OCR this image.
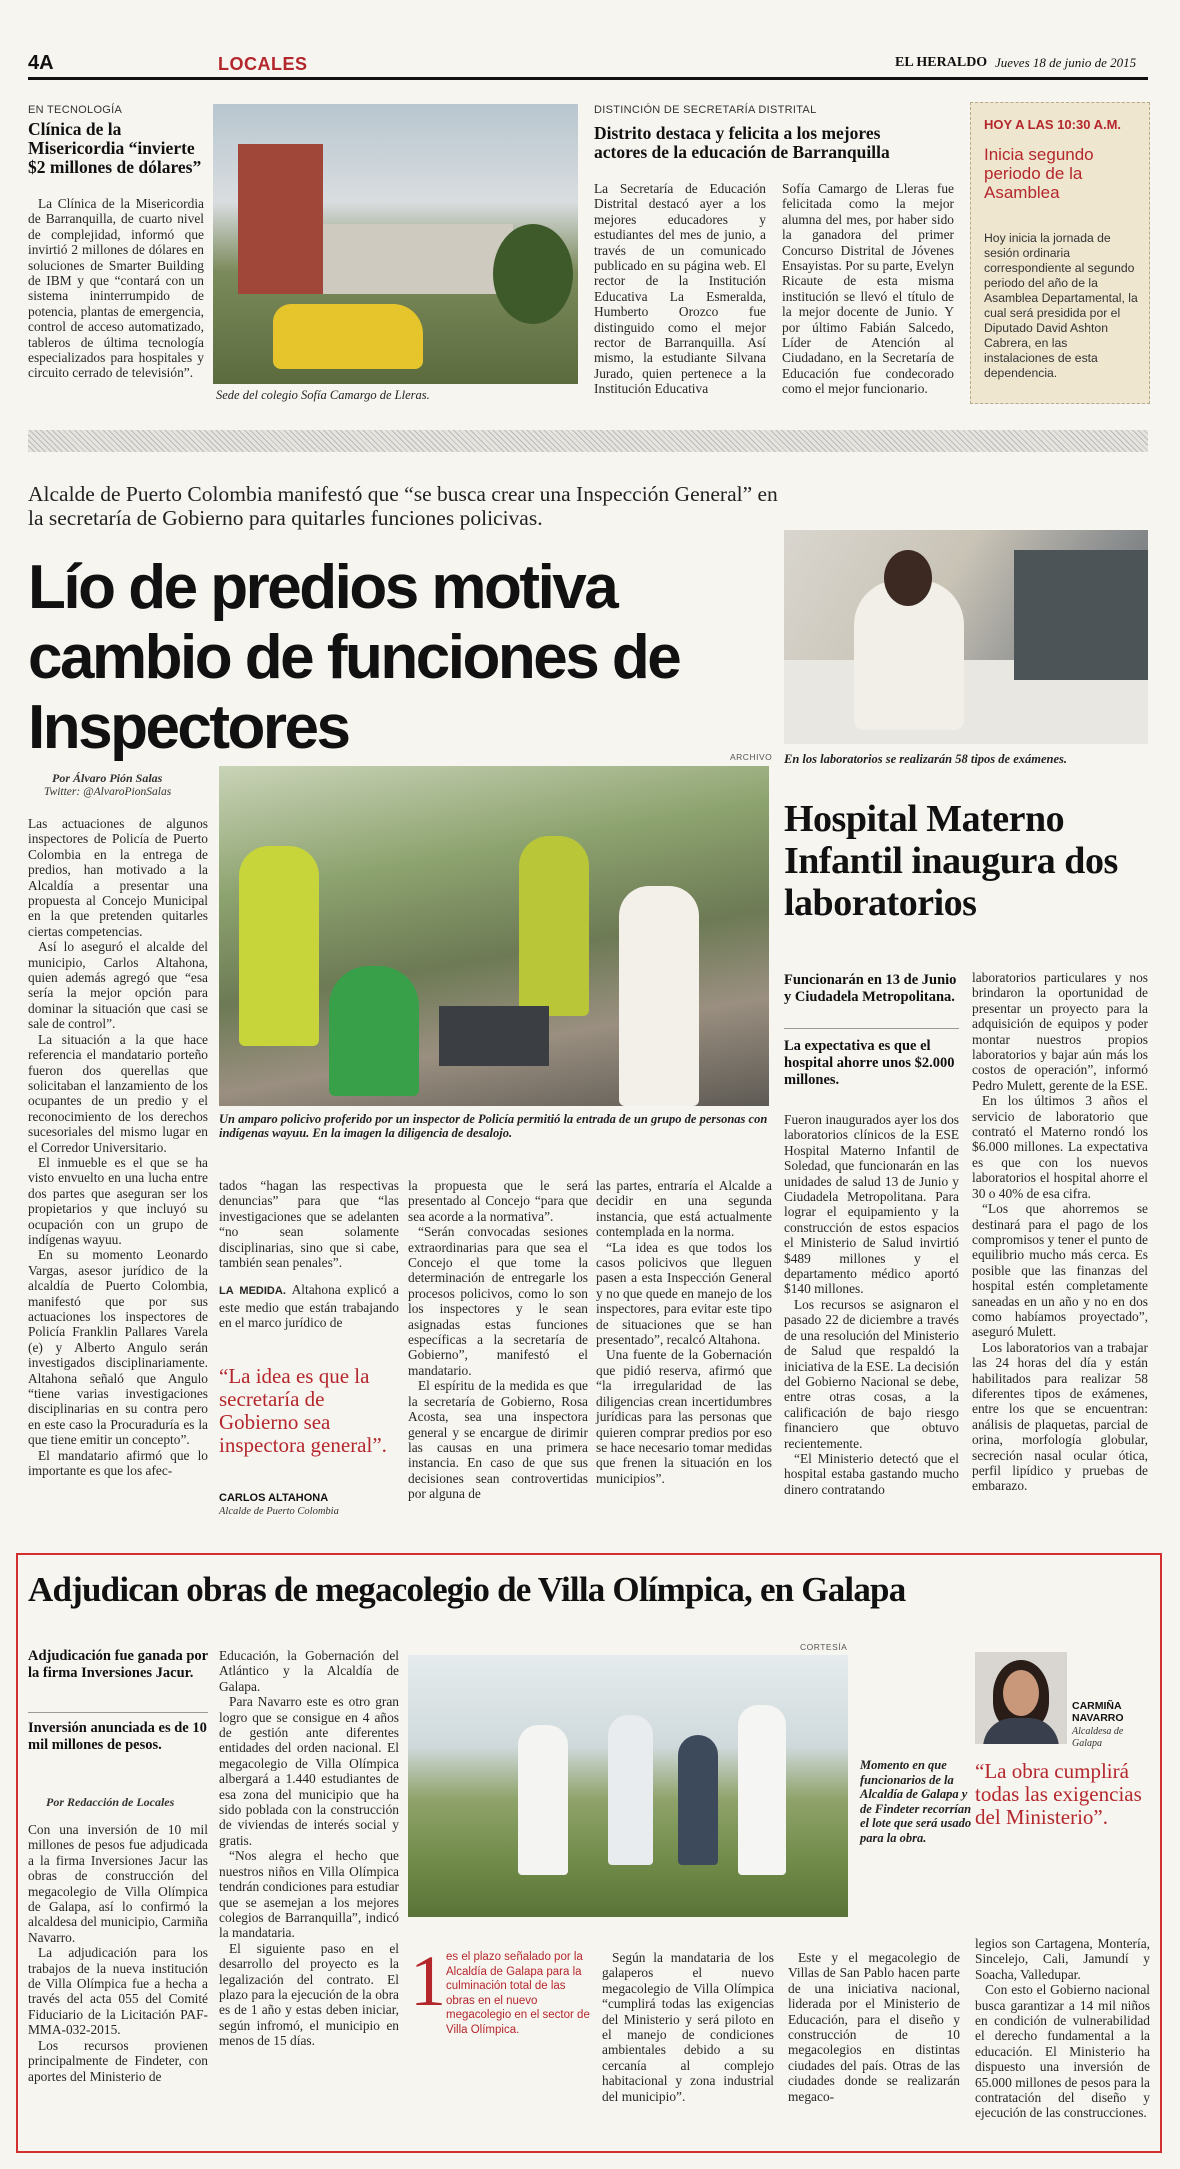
4A	LOCALES	EL HERALDO Jueves 18 de junio de 2015
EN TECNOLOGÍA
Clínica de la Misericordia “invierte $2 millones de dólares”

La Clínica de la Misericordia de Barranquilla, de cuarto nivel de complejidad, informó que invirtió 2 millones de dólares en soluciones de Smarter Building de IBM y que “contará con un sistema ininterrumpido de potencia, plantas de emergencia, control de acceso automatizado, tableros de última tecnología especializados para hospitales y circuito cerrado de televisión”.

Sede del colegio Sofía Camargo de Lleras.
DISTINCIÓN DE SECRETARÍA DISTRITAL
Distrito destaca y felicita a los mejores actores de la educación de Barranquilla

La Secretaría de Educación Distrital destacó ayer a los mejores educadores y estudiantes del mes de junio, a través de un comunicado publicado en su página web. El rector de la Institución Educativa La Esmeralda, Humberto Orozco fue distinguido como el mejor rector de Barranquilla. Así mismo, la estudiante Silvana Jurado, quien pertenece a la Institución Educativa

Sofía Camargo de Lleras fue felicitada como la mejor alumna del mes, por haber sido la ganadora del primer Concurso Distrital de Jóvenes Ensayistas. Por su parte, Evelyn Ricaute de esta misma institución se llevó el título de la mejor docente de Junio. Y por último Fabián Salcedo, Líder de Atención al Ciudadano, en la Secretaría de Educación fue condecorado como el mejor funcionario.

HOY A LAS 10:30 A.M.
Inicia segundo periodo de la Asamblea
Hoy inicia la jornada de sesión ordinaria correspondiente al segundo periodo del año de la Asamblea Departamental, la cual será presidida por el Diputado David Ashton Cabrera, en las instalaciones de esta dependencia.
Alcalde de Puerto Colombia manifestó que “se busca crear una Inspección General” en la secretaría de Gobierno para quitarles funciones policivas.
Lío de predios motiva cambio de funciones de Inspectores	En los laboratorios se realizarán 58 tipos de exámenes.
Por Álvaro Pión Salas
Twitter: @AlvaroPionSalas

Las actuaciones de algunos inspectores de Policía de Puerto Colombia en la entrega de predios, han motivado a la Alcaldía a presentar una propuesta al Concejo Municipal en la que pretenden quitarles ciertas competencias.

Así lo aseguró el alcalde del municipio, Carlos Altahona, quien además agregó que “esa sería la mejor opción para dominar la situación que casi se sale de control”.

La situación a la que hace referencia el mandatario porteño fueron dos querellas que solicitaban el lanzamiento de los ocupantes de un predio y el reconocimiento de los derechos sucesoriales del mismo lugar en el Corredor Universitario.

El inmueble es el que se ha visto envuelto en una lucha entre dos partes que aseguran ser los propietarios y que incluyó su ocupación con un grupo de indígenas wayuu.

En su momento Leonardo Vargas, asesor jurídico de la alcaldía de Puerto Colombia, manifestó que por sus actuaciones los inspectores de Policía Franklin Pallares Varela (e) y Alberto Angulo serán investigados disciplinariamente. Altahona señaló que Angulo “tiene varias investigaciones disciplinarias en su contra pero en este caso la Procuraduría es la que tiene emitir un concepto”.

El mandatario afirmó que lo importante es que los afec-

ARCHIVO
Un amparo policivo proferido por un inspector de Policía permitió la entrada de un grupo de personas con indígenas wayuu. En la imagen la diligencia de desalojo.

tados “hagan las respectivas denuncias” para que “las investigaciones que se adelanten “no sean solamente disciplinarias, sino que si cabe, también sean penales”.

LA MEDIDA. Altahona explicó a este medio que están trabajando en el marco jurídico de

“La idea es que la secretaría de Gobierno sea inspectora general”.
CARLOS ALTAHONA
Alcalde de Puerto Colombia

la propuesta que le será presentado al Concejo “para que sea acorde a la normativa”.

“Serán convocadas sesiones extraordinarias para que sea el Concejo el que tome la determinación de entregarle los procesos policivos, como lo son los inspectores y le sean asignadas estas funciones específicas a la secretaría de Gobierno”, manifestó el mandatario.

El espíritu de la medida es que la secretaría de Gobierno, Rosa Acosta, sea una inspectora general y se encargue de dirimir las causas en una primera instancia. En caso de que sus decisiones sean controvertidas por alguna de

las partes, entraría el Alcalde a decidir en una segunda instancia, que está actualmente contemplada en la norma.

“La idea es que todos los casos policivos que lleguen pasen a esta Inspección General y no que quede en manejo de los inspectores, para evitar este tipo de situaciones que se han presentado”, recalcó Altahona.

Una fuente de la Gobernación que pidió reserva, afirmó que “la irregularidad de las diligencias crean incertidumbres jurídicas para las personas que quieren comprar predios por eso se hace necesario tomar medidas que frenen la situación en los municipios”.

Hospital Materno Infantil inaugura dos laboratorios
Funcionarán en 13 de Junio y Ciudadela Metropolitana.
La expectativa es que el hospital ahorre unos $2.000 millones.

Fueron inaugurados ayer los dos laboratorios clínicos de la ESE Hospital Materno Infantil de Soledad, que funcionarán en las unidades de salud 13 de Junio y Ciudadela Metropolitana. Para lograr el equipamiento y la construcción de estos espacios el Ministerio de Salud invirtió $489 millones y el departamento médico aportó $140 millones.

Los recursos se asignaron el pasado 22 de diciembre a través de una resolución del Ministerio de Salud que respaldó la iniciativa de la ESE. La decisión del Gobierno Nacional se debe, entre otras cosas, a la calificación de bajo riesgo financiero que obtuvo recientemente.

“El Ministerio detectó que el hospital estaba gastando mucho dinero contratando

laboratorios particulares y nos brindaron la oportunidad de presentar un proyecto para la adquisición de equipos y poder montar nuestros propios laboratorios y bajar aún más los costos de operación”, informó Pedro Mulett, gerente de la ESE.

En los últimos 3 años el servicio de laboratorio que contrató el Materno rondó los $6.000 millones. La expectativa es que con los nuevos laboratorios el hospital ahorre el 30 o 40% de esa cifra.

“Los que ahorremos se destinará para el pago de los compromisos y tener el punto de equilibrio mucho más cerca. Es posible que las finanzas del hospital estén completamente saneadas en un año y no en dos como habíamos proyectado”, aseguró Mulett.

Los laboratorios van a trabajar las 24 horas del día y están habilitados para realizar 58 diferentes tipos de exámenes, entre los que se encuentran: análisis de plaquetas, parcial de orina, morfología globular, secreción nasal ocular ótica, perfil lipídico y pruebas de embarazo.

Adjudican obras de megacolegio de Villa Olímpica, en Galapa
Adjudicación fue ganada por la firma Inversiones Jacur.
Inversión anunciada es de 10 mil millones de pesos.
Por Redacción de Locales

Con una inversión de 10 mil millones de pesos fue adjudicada a la firma Inversiones Jacur las obras de construcción del megacolegio de Villa Olímpica de Galapa, así lo confirmó la alcaldesa del municipio, Carmiña Navarro.

La adjudicación para los trabajos de la nueva institución de Villa Olímpica fue a hecha a través del acta 055 del Comité Fiduciario de la Licitación PAF-MMA-032-2015.

Los recursos provienen principalmente de Findeter, con aportes del Ministerio de

Educación, la Gobernación del Atlántico y la Alcaldía de Galapa.

Para Navarro este es otro gran logro que se consigue en 4 años de gestión ante diferentes entidades del orden nacional. El megacolegio de Villa Olímpica albergará a 1.440 estudiantes de esa zona del municipio que ha sido poblada con la construcción de viviendas de interés social y gratis.

“Nos alegra el hecho que nuestros niños en Villa Olímpica tendrán condiciones para estudiar que se asemejan a los mejores colegios de Barranquilla”, indicó la mandataria.

El siguiente paso en el desarrollo del proyecto es la legalización del contrato. El plazo para la ejecución de la obra es de 1 año y estas deben iniciar, según infromó, el municipio en menos de 15 días.

CORTESÍA
Momento en que funcionarios de la Alcaldía de Galapa y de Findeter recorrían el lote que será usado para la obra.
CARMIÑA NAVARRO
Alcaldesa de Galapa
“La obra cumplirá todas las exigencias del Ministerio”.
1 es el plazo señalado por la Alcaldía de Galapa para la culminación total de las obras en el nuevo megacolegio en el sector de Villa Olímpica.

Según la mandataria de los galaperos el nuevo megacolegio de Villa Olímpica “cumplirá todas las exigencias del Ministerio y será piloto en el manejo de condiciones ambientales debido a su cercanía al complejo habitacional y zona industrial del municipio”.

Este y el megacolegio de Villas de San Pablo hacen parte de una iniciativa nacional, liderada por el Ministerio de Educación, para el diseño y construcción de 10 megacolegios en distintas ciudades del país. Otras de las ciudades donde se realizarán megaco-

legios son Cartagena, Montería, Sincelejo, Cali, Jamundí y Soacha, Valledupar.

Con esto el Gobierno nacional busca garantizar a 14 mil niños en condición de vulnerabilidad el derecho fundamental a la educación. El Ministerio ha dispuesto una inversión de 65.000 millones de pesos para la contratación del diseño y ejecución de las construcciones.
